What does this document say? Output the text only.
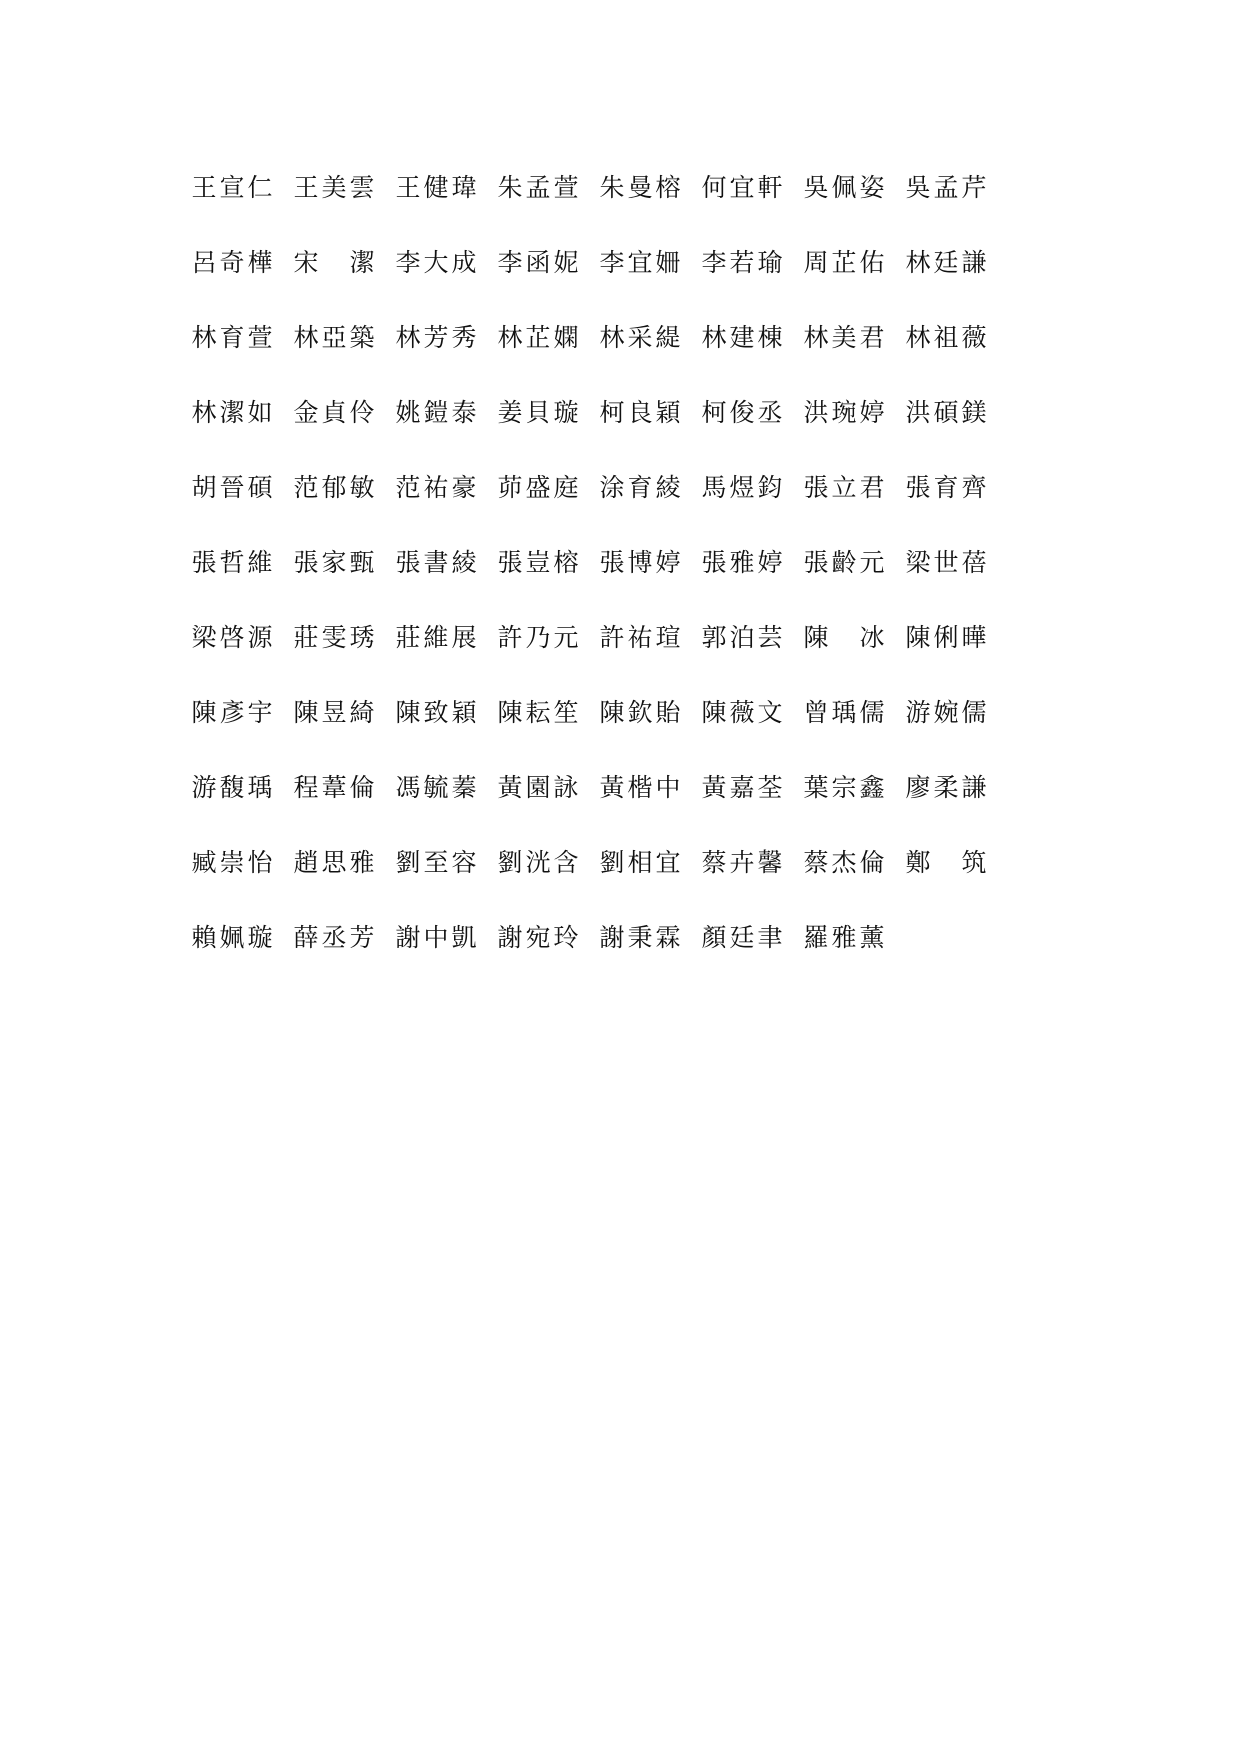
王 宣 仁 王 美 雲 王 健 瑋 朱 孟 萱 朱 曼 榕 何 宜 軒 吳 佩 姿 吳 孟 芹
呂 奇 樺 宋
　 潔 李 大 成 李 函 妮 李 宜 姍 李 若 瑜 周 芷 佑 林 廷 謙
林 育 萱 林 亞 築 林 芳 秀 林 芷 嫻 林 采 緹 林 建 棟 林 美 君 林 祖 薇
林 潔 如 金 貞 伶 姚 鎧 泰 姜 貝 璇 柯 良 穎 柯 俊 丞 洪 琬 婷 洪 碩 鎂
胡 晉 碩 范 郁 敏 范 祐 豪 茆 盛 庭 涂 育 綾 馬 煜 鈞 張 立 君 張 育 齊
張 哲 維 張 家 甄 張 書 綾 張 豈 榕 張 博 婷 張 雅 婷 張 齡 元 梁 世 蓓
梁 啓 源 莊 雯 琇 莊 維 展 許 乃 元 許 祐 瑄 郭 泊 芸 陳
　 冰 陳 俐 曄
陳 彥 宇 陳 昱 綺 陳 致 穎 陳 耘 笙 陳 欽 貽 陳 薇 文 曾 瑀 儒 游 婉 儒
游 馥 瑀 程 葦 倫 馮 毓 蓁 黃 園 詠 黃 楷 中 黃 嘉 荃 葉 宗 鑫 廖 柔 謙
臧 崇 怡 趙 思 雅 劉 至 容 劉 洸 含 劉 相 宜 蔡 卉 馨 蔡 杰 倫 鄭
　 筑
賴 姵 璇 薛 丞 芳 謝 中 凱 謝 宛 玲 謝 秉 霖 顏 廷 聿 羅 雅 薰
